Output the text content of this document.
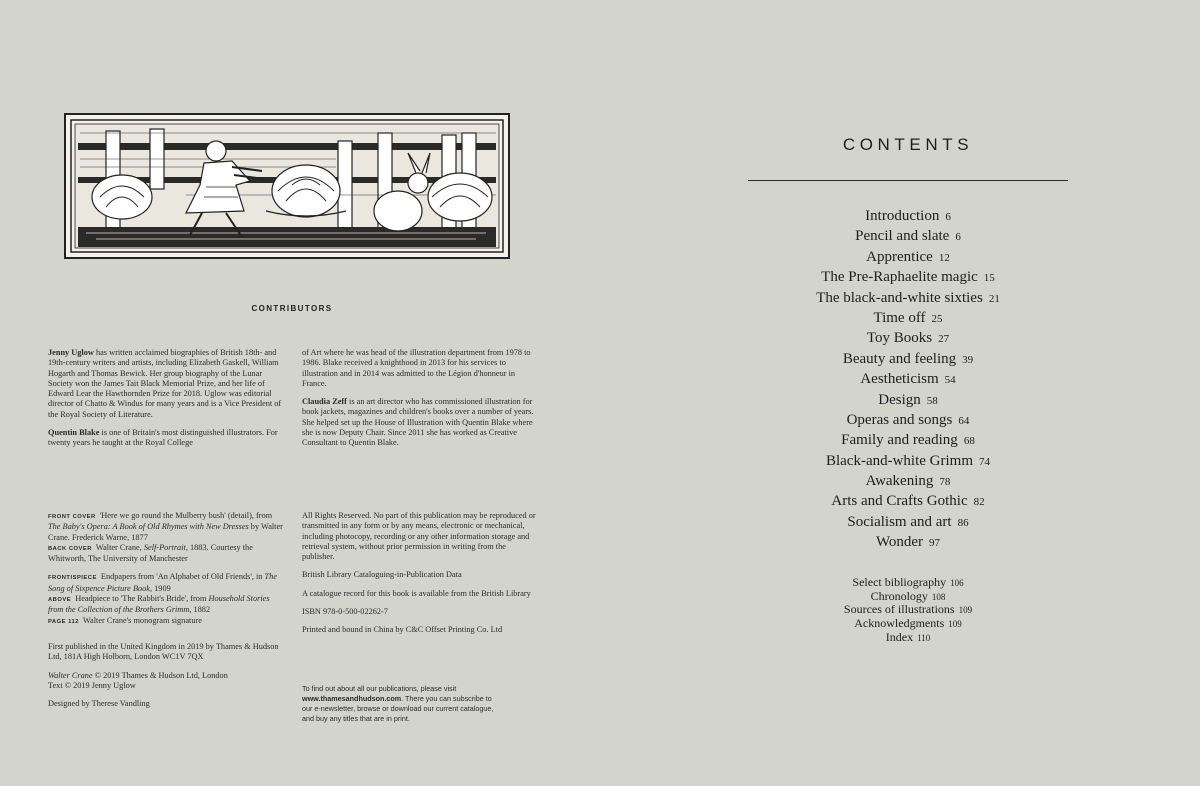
CONTRIBUTORS

Jenny Uglow has written acclaimed biographies of British 18th- and 19th-century writers and artists, including Elizabeth Gaskell, William Hogarth and Thomas Bewick. Her group biography of the Lunar Society won the James Tait Black Memorial Prize, and her life of Edward Lear the Hawthornden Prize for 2018. Uglow was editorial director of Chatto & Windus for many years and is a Vice President of the Royal Society of Literature.

Quentin Blake is one of Britain's most distinguished illustrators. For twenty years he taught at the Royal College

of Art where he was head of the illustration department from 1978 to 1986. Blake received a knighthood in 2013 for his services to illustration and in 2014 was admitted to the Légion d'honneur in France.

Claudia Zeff is an art director who has commissioned illustration for book jackets, magazines and children's books over a number of years. She helped set up the House of Illustration with Quentin Blake where she is now Deputy Chair. Since 2011 she has worked as Creative Consultant to Quentin Blake.

FRONT COVER 'Here we go round the Mulberry bush' (detail), from The Baby's Opera: A Book of Old Rhymes with New Dresses by Walter Crane. Frederick Warne, 1877
BACK COVER Walter Crane, Self-Portrait, 1883. Courtesy the Whitworth, The University of Manchester

FRONTISPIECE Endpapers from 'An Alphabet of Old Friends', in The Song of Sixpence Picture Book, 1909
ABOVE Headpiece to 'The Rabbit's Bride', from Household Stories from the Collection of the Brothers Grimm, 1882
PAGE 112 Walter Crane's monogram signature

All Rights Reserved. No part of this publication may be reproduced or transmitted in any form or by any means, electronic or mechanical, including photocopy, recording or any other information storage and retrieval system, without prior permission in writing from the publisher.

British Library Cataloguing-in-Publication Data

A catalogue record for this book is available from the British Library

ISBN 978-0-500-02262-7

Printed and bound in China by C&C Offset Printing Co. Ltd

First published in the United Kingdom in 2019 by Thames & Hudson Ltd, 181A High Holborn, London WC1V 7QX

Walter Crane © 2019 Thames & Hudson Ltd, London
Text © 2019 Jenny Uglow

Designed by Therese Vandling

To find out about all our publications, please visit www.thamesandhudson.com. There you can subscribe to our e-newsletter, browse or download our current catalogue, and buy any titles that are in print.
CONTENTS
Introduction 6
Pencil and slate 6
Apprentice 12
The Pre-Raphaelite magic 15
The black-and-white sixties 21
Time off 25
Toy Books 27
Beauty and feeling 39
Aestheticism 54
Design 58
Operas and songs 64
Family and reading 68
Black-and-white Grimm 74
Awakening 78
Arts and Crafts Gothic 82
Socialism and art 86
Wonder 97
Select bibliography 106
Chronology 108
Sources of illustrations 109
Acknowledgments 109
Index 110
